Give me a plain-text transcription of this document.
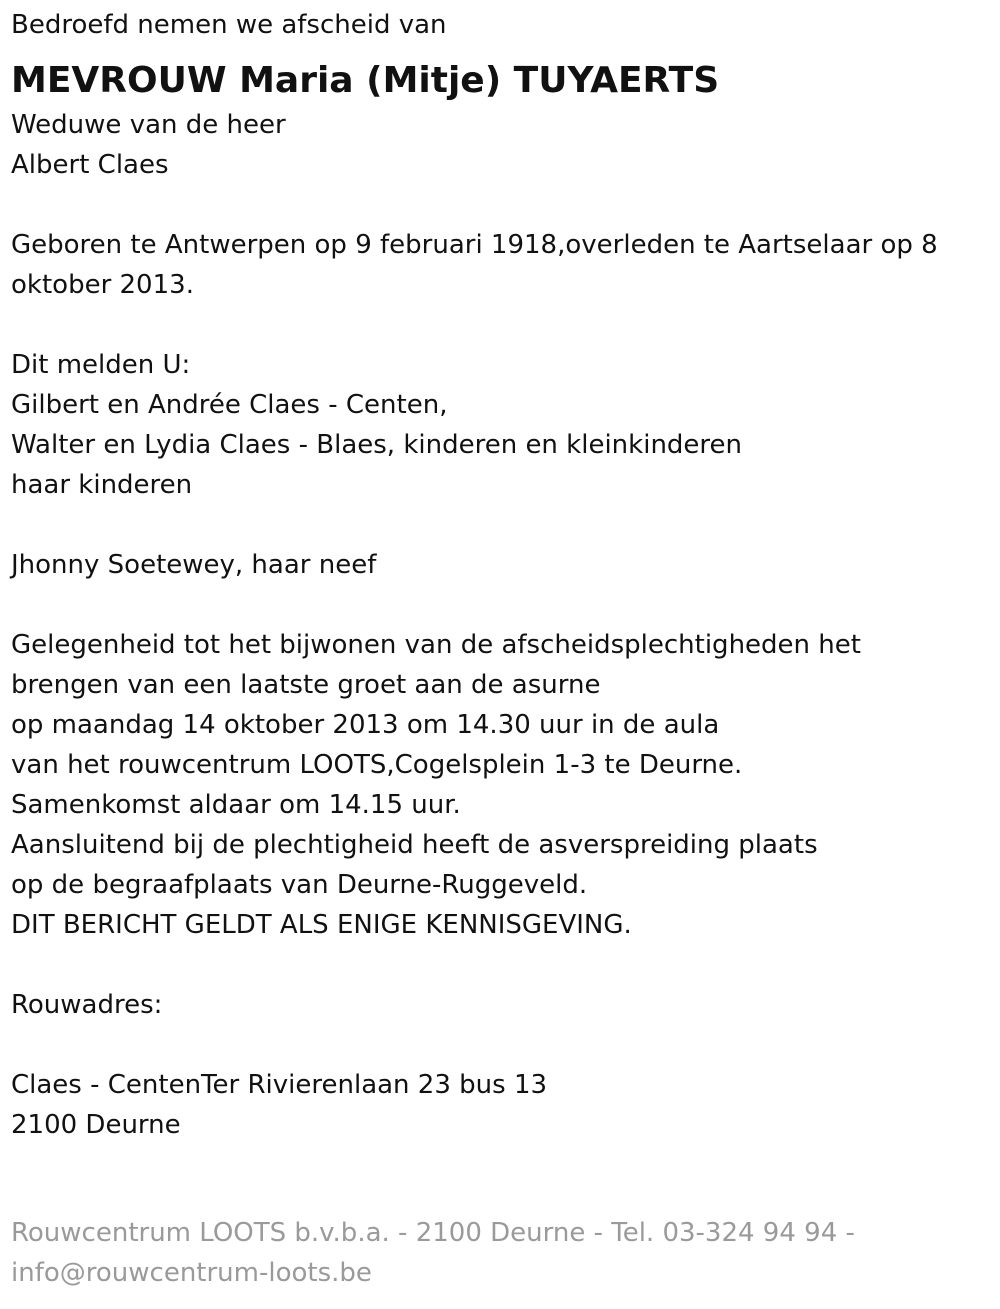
Bedroefd nemen we afscheid van
MEVROUW Maria (Mitje) TUYAERTS
Weduwe van de heer
Albert Claes
Geboren te Antwerpen op 9 februari 1918,overleden te Aartselaar op 8 oktober 2013.
Dit melden U:
Gilbert en Andrée Claes - Centen,
Walter en Lydia Claes - Blaes, kinderen en kleinkinderen
haar kinderen
Jhonny Soetewey, haar neef
Gelegenheid tot het bijwonen van de afscheidsplechtigheden het
brengen van een laatste groet aan de asurne
op maandag 14 oktober 2013 om 14.30 uur in de aula
van het rouwcentrum LOOTS,Cogelsplein 1-3 te Deurne.
Samenkomst aldaar om 14.15 uur.
Aansluitend bij de plechtigheid heeft de asverspreiding plaats
op de begraafplaats van Deurne-Ruggeveld.
DIT BERICHT GELDT ALS ENIGE KENNISGEVING.
Rouwadres:
Claes - CentenTer Rivierenlaan 23 bus 13
2100 Deurne
Rouwcentrum LOOTS b.v.b.a. - 2100 Deurne - Tel. 03-324 94 94 - info@rouwcentrum-loots.be
